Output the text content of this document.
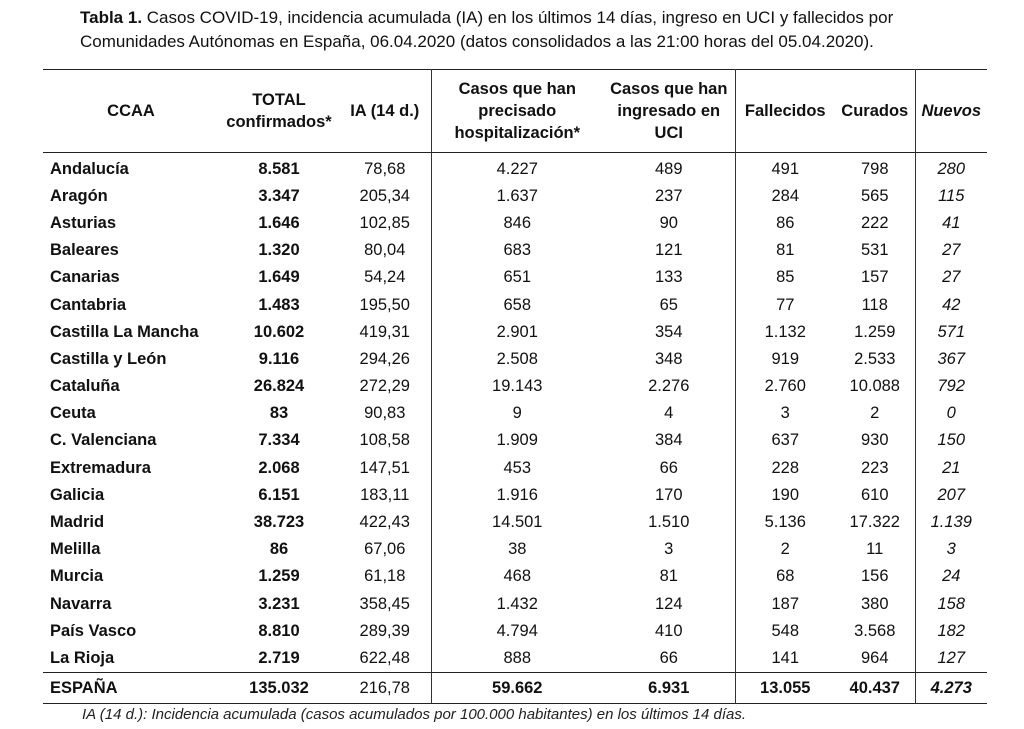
Tabla 1. Casos COVID-19, incidencia acumulada (IA) en los últimos 14 días, ingreso en UCI y fallecidos por Comunidades Autónomas en España, 06.04.2020 (datos consolidados a las 21:00 horas del 05.04.2020).
CCAA	TOTAL confirmados*	IA (14 d.)	Casos que han precisado hospitalización*	Casos que han ingresado en UCI	Fallecidos	Curados	Nuevos
Andalucía	8.581	78,68	4.227	489	491	798	280
Aragón	3.347	205,34	1.637	237	284	565	115
Asturias	1.646	102,85	846	90	86	222	41
Baleares	1.320	80,04	683	121	81	531	27
Canarias	1.649	54,24	651	133	85	157	27
Cantabria	1.483	195,50	658	65	77	118	42
Castilla La Mancha	10.602	419,31	2.901	354	1.132	1.259	571
Castilla y León	9.116	294,26	2.508	348	919	2.533	367
Cataluña	26.824	272,29	19.143	2.276	2.760	10.088	792
Ceuta	83	90,83	9	4	3	2	0
C. Valenciana	7.334	108,58	1.909	384	637	930	150
Extremadura	2.068	147,51	453	66	228	223	21
Galicia	6.151	183,11	1.916	170	190	610	207
Madrid	38.723	422,43	14.501	1.510	5.136	17.322	1.139
Melilla	86	67,06	38	3	2	11	3
Murcia	1.259	61,18	468	81	68	156	24
Navarra	3.231	358,45	1.432	124	187	380	158
País Vasco	8.810	289,39	4.794	410	548	3.568	182
La Rioja	2.719	622,48	888	66	141	964	127
ESPAÑA	135.032	216,78	59.662	6.931	13.055	40.437	4.273
IA (14 d.): Incidencia acumulada (casos acumulados por 100.000 habitantes) en los últimos 14 días.
